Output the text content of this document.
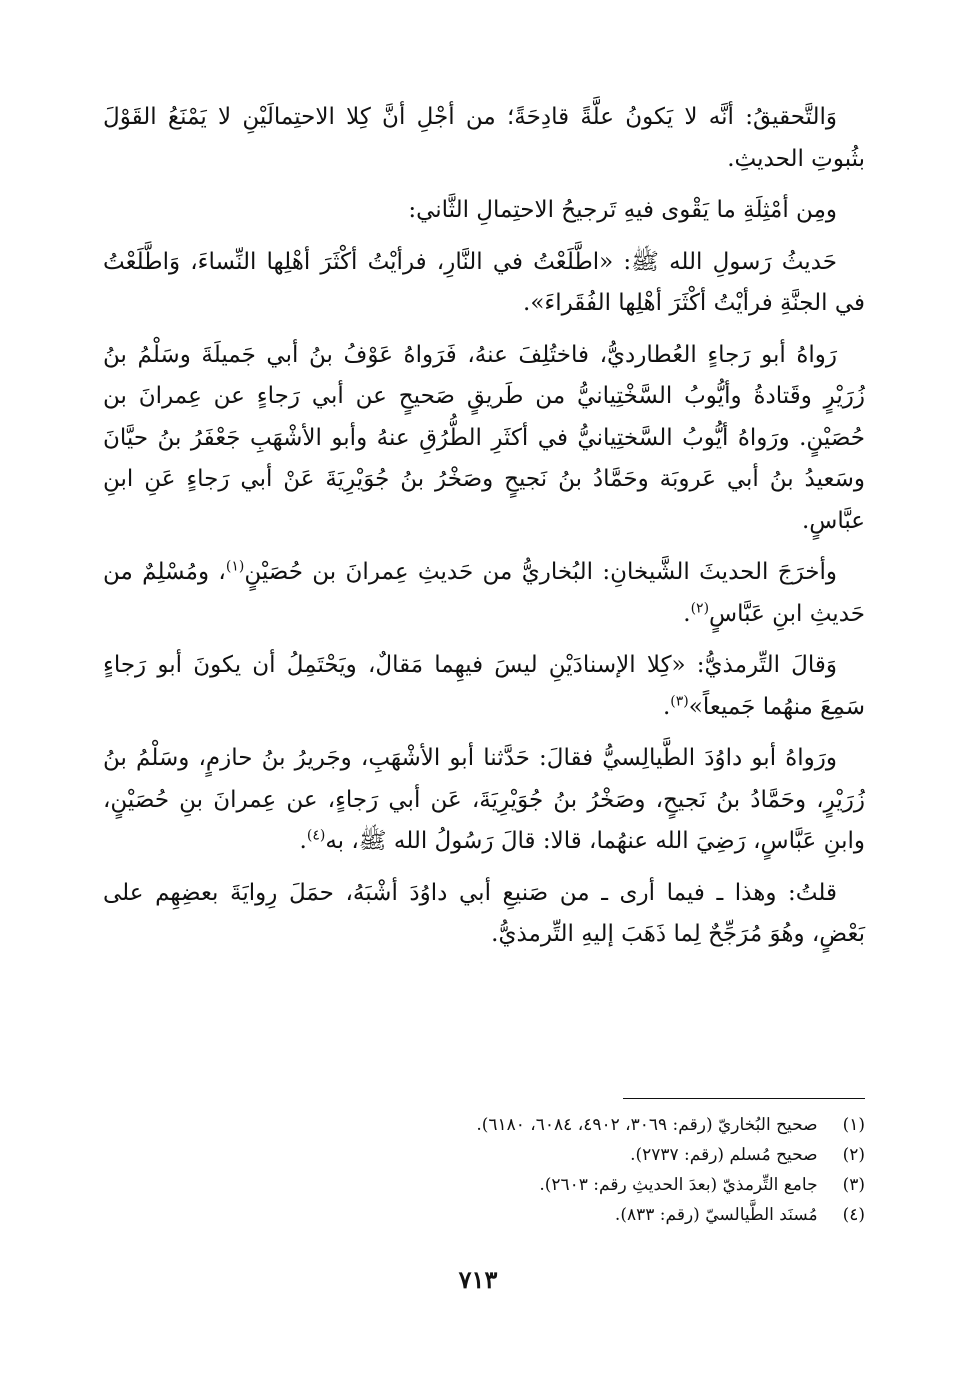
وَالتَّحقيقُ: أنَّه لا يَكونُ علَّةً قادِحَةً؛ من أجْلِ أنَّ كِلا الاحتِمالَيْنِ لا يَمْنَعُ القَوْلَ بثُبوتِ الحديثِ.

ومِن أمْثِلَةِ ما يَقْوى فيهِ تَرجيحُ الاحتِمالِ الثَّاني:

حَديثُ رَسولِ الله ﷺ: «اطَّلَعْتُ في النَّارِ، فرأيْتُ أكْثَرَ أهْلِها النِّساءَ، وَاطَّلَعْتُ في الجنَّةِ فرأيْتُ أكْثَرَ أهْلِها الفُقَراءَ».

رَواهُ أبو رَجاءٍ العُطارديُّ، فاختُلِفَ عنهُ، فَرَواهُ عَوْفُ بنُ أبي جَميلَةَ وسَلْمُ بنُ زُرَيْرٍ وقَتادةُ وأيُّوبُ السَّخْتِيانيُّ من طَريقٍ صَحيحٍ عن أبي رَجاءٍ عن عِمرانَ بن حُصَيْنٍ. ورَواهُ أيُّوبُ السَّختِيانيُّ في أكثَرِ الطُّرُقِ عنهُ وأبو الأشْهَبِ جَعْفَرُ بنُ حيَّانَ وسَعيدُ بنُ أبي عَروبَة وحَمَّادُ بنُ نَجيحٍ وصَخْرُ بنُ جُوَيْرِيَةَ عَنْ أبي رَجاءٍ عَنِ ابنِ عبَّاسٍ.

وأخرَجَ الحديثَ الشَّيخانِ: البُخاريُّ من حَديثِ عِمرانَ بن حُصَيْنٍ$^{(١)}$، ومُسْلِمٌ من حَديثِ ابنِ عَبَّاسٍ$^{(٢)}$.

وَقالَ التِّرمذيُّ: «كِلا الإسنادَيْنِ ليسَ فيهِما مَقالٌ، ويَحْتَمِلُ أن يكونَ أبو رَجاءٍ سَمِعَ منهُما جَميعاً»$^{(٣)}$.

ورَواهُ أبو داوُدَ الطَّيالِسيُّ فقالَ: حَدَّثنا أبو الأشْهَبِ، وجَريرُ بنُ حازمٍ، وسَلْمُ بنُ زُرَيْرٍ، وحَمَّادُ بنُ نَجيحٍ، وصَخْرُ بنُ جُوَيْرِيَةَ، عَن أبي رَجاءٍ، عن عِمرانَ بنِ حُصَيْنٍ، وابنِ عَبَّاسٍ، رَضِيَ الله عنهُما، قالا: قالَ رَسُولُ الله ﷺ، به$^{(٤)}$.

قلتُ: وهذا ـ فيما أرى ـ من صَنيعِ أبي داوُدَ أشْبَهُ، حمَلَ رِوايَةَ بعضِهِم على بَعْضٍ، وهُوَ مُرَجِّحٌ لِما ذَهَبَ إليهِ التِّرمذيُّ.

(١) صحيح البُخاريّ (رقم: ٣٠٦٩، ٤٩٠٢، ٦٠٨٤، ٦١٨٠).
(٢) صحيح مُسلم (رقم: ٢٧٣٧).
(٣) جامع التِّرمذيّ (بعدَ الحديثِ رقم: ٢٦٠٣).
(٤) مُسنَد الطَّيالسيّ (رقم: ٨٣٣).
٧١٣
